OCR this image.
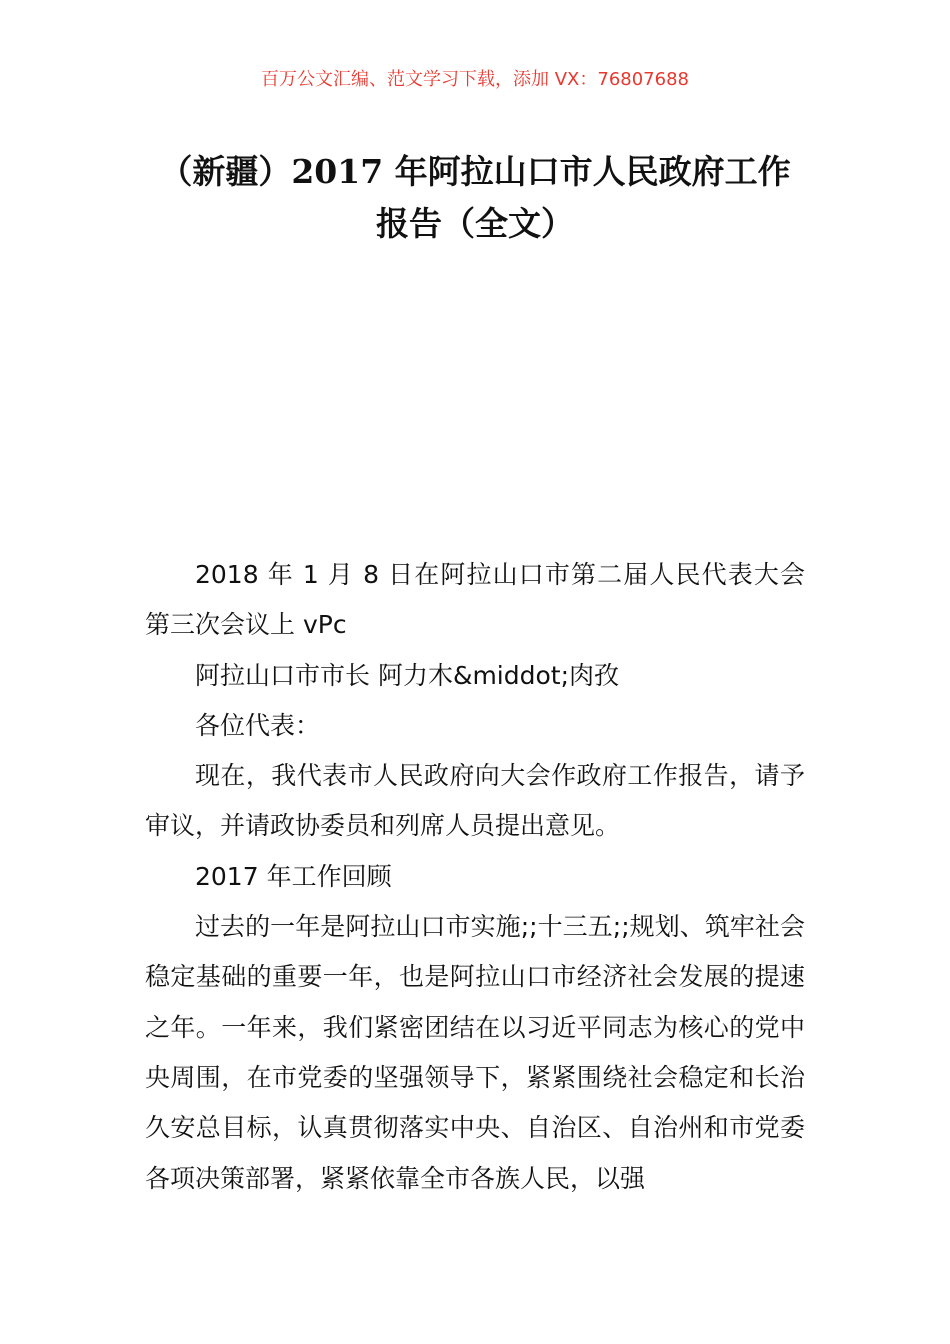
百万公文汇编、范文学习下载，添加 VX：76807688
（新疆）2017 年阿拉山口市人民政府工作报告（全文）

2018 年 1 月 8 日在阿拉山口市第二届人民代表大会第三次会议上 vPc

阿拉山口市市长 阿力木&middot;肉孜

各位代表：

现在，我代表市人民政府向大会作政府工作报告，请予审议，并请政协委员和列席人员提出意见。

2017 年工作回顾

过去的一年是阿拉山口市实施;;十三五;;规划、筑牢社会稳定基础的重要一年，也是阿拉山口市经济社会发展的提速之年。一年来，我们紧密团结在以习近平同志为核心的党中央周围，在市党委的坚强领导下，紧紧围绕社会稳定和长治久安总目标，认真贯彻落实中央、自治区、自治州和市党委各项决策部署，紧紧依靠全市各族人民，以强
